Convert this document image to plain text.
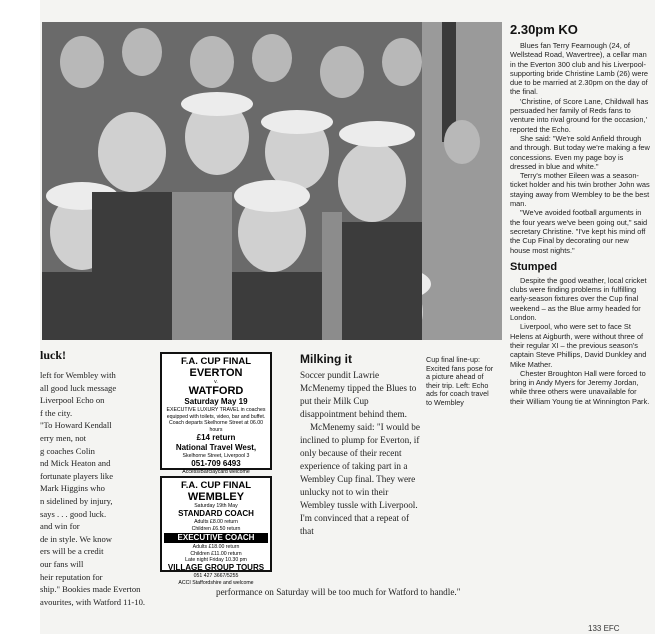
2.30pm KO

Blues fan Terry Fearnough (24, of Wellstead Road, Wavertree), a cellar man in the Everton 300 club and his Liverpool-supporting bride Christine Lamb (26) were due to be married at 2.30pm on the day of the final.

'Christine, of Score Lane, Childwall has persuaded her family of Reds fans to venture into rival ground for the occasion,' reported the Echo.

She said: "We're sold Anfield through and through. But today we're making a few concessions. Even my page boy is dressed in blue and white."

Terry's mother Eileen was a season-ticket holder and his twin brother John was staying away from Wembley to be the best man.

"We've avoided football arguments in the four years we've been going out," said secretary Christine. "I've kept his mind off the Cup Final by decorating our new house most nights."

Stumped

Despite the good weather, local cricket clubs were finding problems in fulfilling early-season fixtures over the Cup final weekend – as the Blue army headed for London.

Liverpool, who were set to face St Helens at Aigburth, were without three of their regular XI – the previous season's captain Steve Phillips, David Dunkley and Mike Mather.

Chester Broughton Hall were forced to bring in Andy Myers for Jeremy Jordan, while three others were unavailable for their William Young tie at Winnington Park.

luck!

left for Wembley with

all good luck message

Liverpool Echo on

f the city.

"To Howard Kendall

erry men, not

g coaches Colin

nd Mick Heaton and

fortunate players like

Mark Higgins who

n sidelined by injury,

says . . . good luck.

and win for

de in style. We know

ers will be a credit

our fans will

heir reputation for

ship." Bookies made Everton

avourites, with Watford 11-10.

F.A. CUP FINAL

EVERTON

v.

WATFORD

Saturday May 19

EXECUTIVE LUXURY TRAVEL in coaches equipped with toilets, video, bar and buffet. Coach departs Skelhorne Street at 06.00 hours

£14 return

National Travel West,

Skelhorne Street, Liverpool 3

051-709 6493

Access/Barclaycard welcome

F.A. CUP FINAL

WEMBLEY

Saturday 19th May

STANDARD COACH

Adults £8.00 return

Children £6.50 return

EXECUTIVE COACH

Adults £18.00 return

Children £11.00 return

Late night Friday 10.30 pm

VILLAGE GROUP TOURS

051 427 3667/5255

ACCI Staffordshire and welcome

Milking it

Soccer pundit Lawrie McMenemy tipped the Blues to put their Milk Cup disappointment behind them.

McMenemy said: "I would be inclined to plump for Everton, if only because of their recent experience of taking part in a Wembley Cup final. They were unlucky not to win their Wembley tussle with Liverpool. I'm convinced that a repeat of that

Cup final line-up: Excited fans pose for a picture ahead of their trip. Left: Echo ads for coach travel to Wembley

performance on Saturday will be too much for Watford to handle."

133 EFC
